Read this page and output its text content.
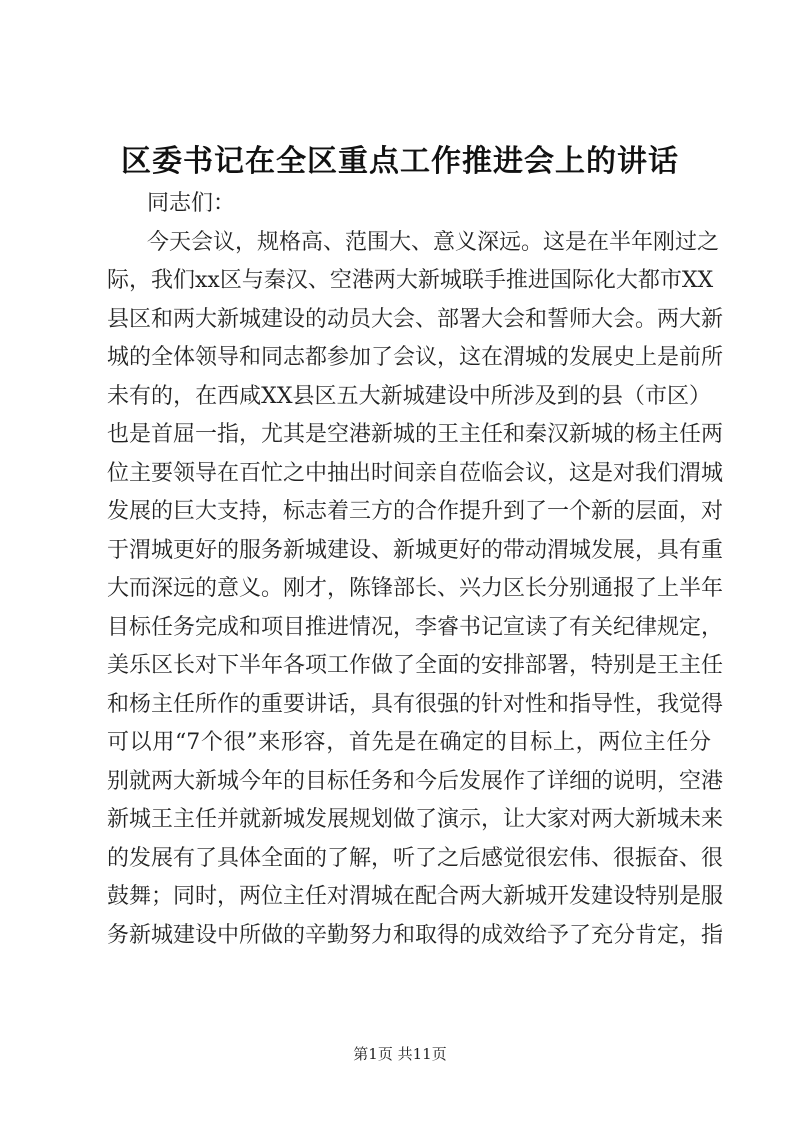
区委书记在全区重点工作推进会上的讲话
同志们：
今天会议，规格高、范围大、意义深远。这是在半年刚过之
际，我们xx区与秦汉、空港两大新城联手推进国际化大都市XX
县区和两大新城建设的动员大会、部署大会和誓师大会。两大新
城的全体领导和同志都参加了会议，这在渭城的发展史上是前所
未有的，在西咸XX县区五大新城建设中所涉及到的县（市区）
也是首屈一指，尤其是空港新城的王主任和秦汉新城的杨主任两
位主要领导在百忙之中抽出时间亲自莅临会议，这是对我们渭城
发展的巨大支持，标志着三方的合作提升到了一个新的层面，对
于渭城更好的服务新城建设、新城更好的带动渭城发展，具有重
大而深远的意义。刚才，陈锋部长、兴力区长分别通报了上半年
目标任务完成和项目推进情况，李睿书记宣读了有关纪律规定，
美乐区长对下半年各项工作做了全面的安排部署，特别是王主任
和杨主任所作的重要讲话，具有很强的针对性和指导性，我觉得
可以用“7个很”来形容，首先是在确定的目标上，两位主任分
别就两大新城今年的目标任务和今后发展作了详细的说明，空港
新城王主任并就新城发展规划做了演示，让大家对两大新城未来
的发展有了具体全面的了解，听了之后感觉很宏伟、很振奋、很
鼓舞；同时，两位主任对渭城在配合两大新城开发建设特别是服
务新城建设中所做的辛勤努力和取得的成效给予了充分肯定，指
第1页 共11页
